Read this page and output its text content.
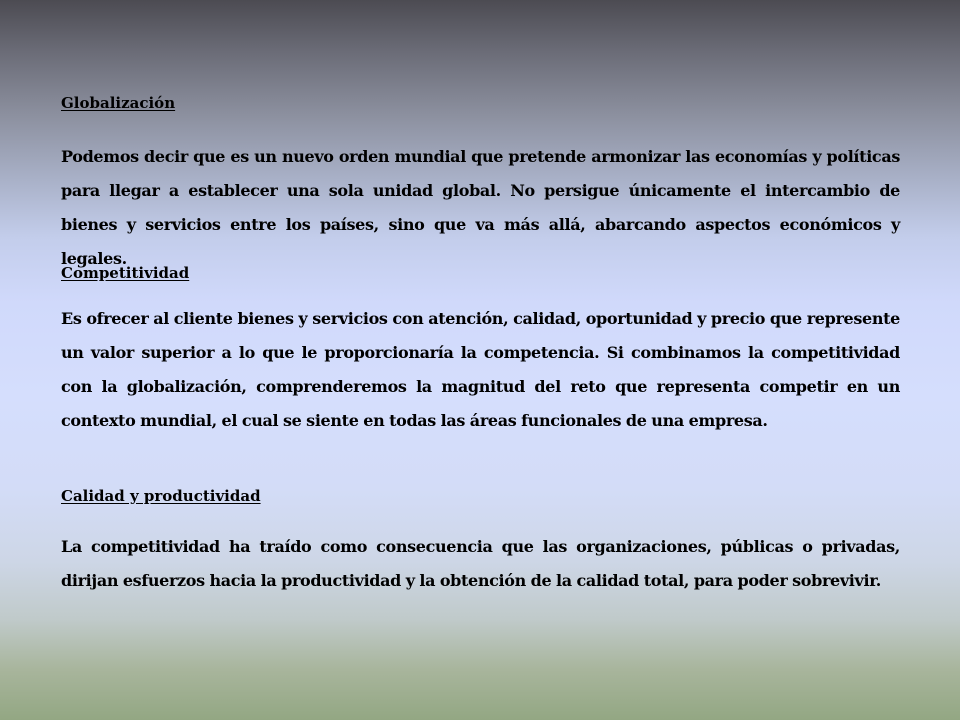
Globalización
Podemos decir que es un nuevo orden mundial que pretende armonizar las economías y políticas para llegar a establecer una sola unidad global. No persigue únicamente el intercambio de bienes y servicios entre los países, sino que va más allá, abarcando aspectos económicos y legales.
Competitividad
Es ofrecer al cliente bienes y servicios con atención, calidad, oportunidad y precio que represente un valor superior a lo que le proporcionaría la competencia. Si combinamos la competitividad con la globalización, comprenderemos la magnitud del reto que representa competir en un contexto mundial, el cual se siente en todas las áreas funcionales de una empresa.
Calidad y productividad
La competitividad ha traído como consecuencia que las organizaciones, públicas o privadas, dirijan esfuerzos hacia la productividad y la obtención de la calidad total, para poder sobrevivir.
